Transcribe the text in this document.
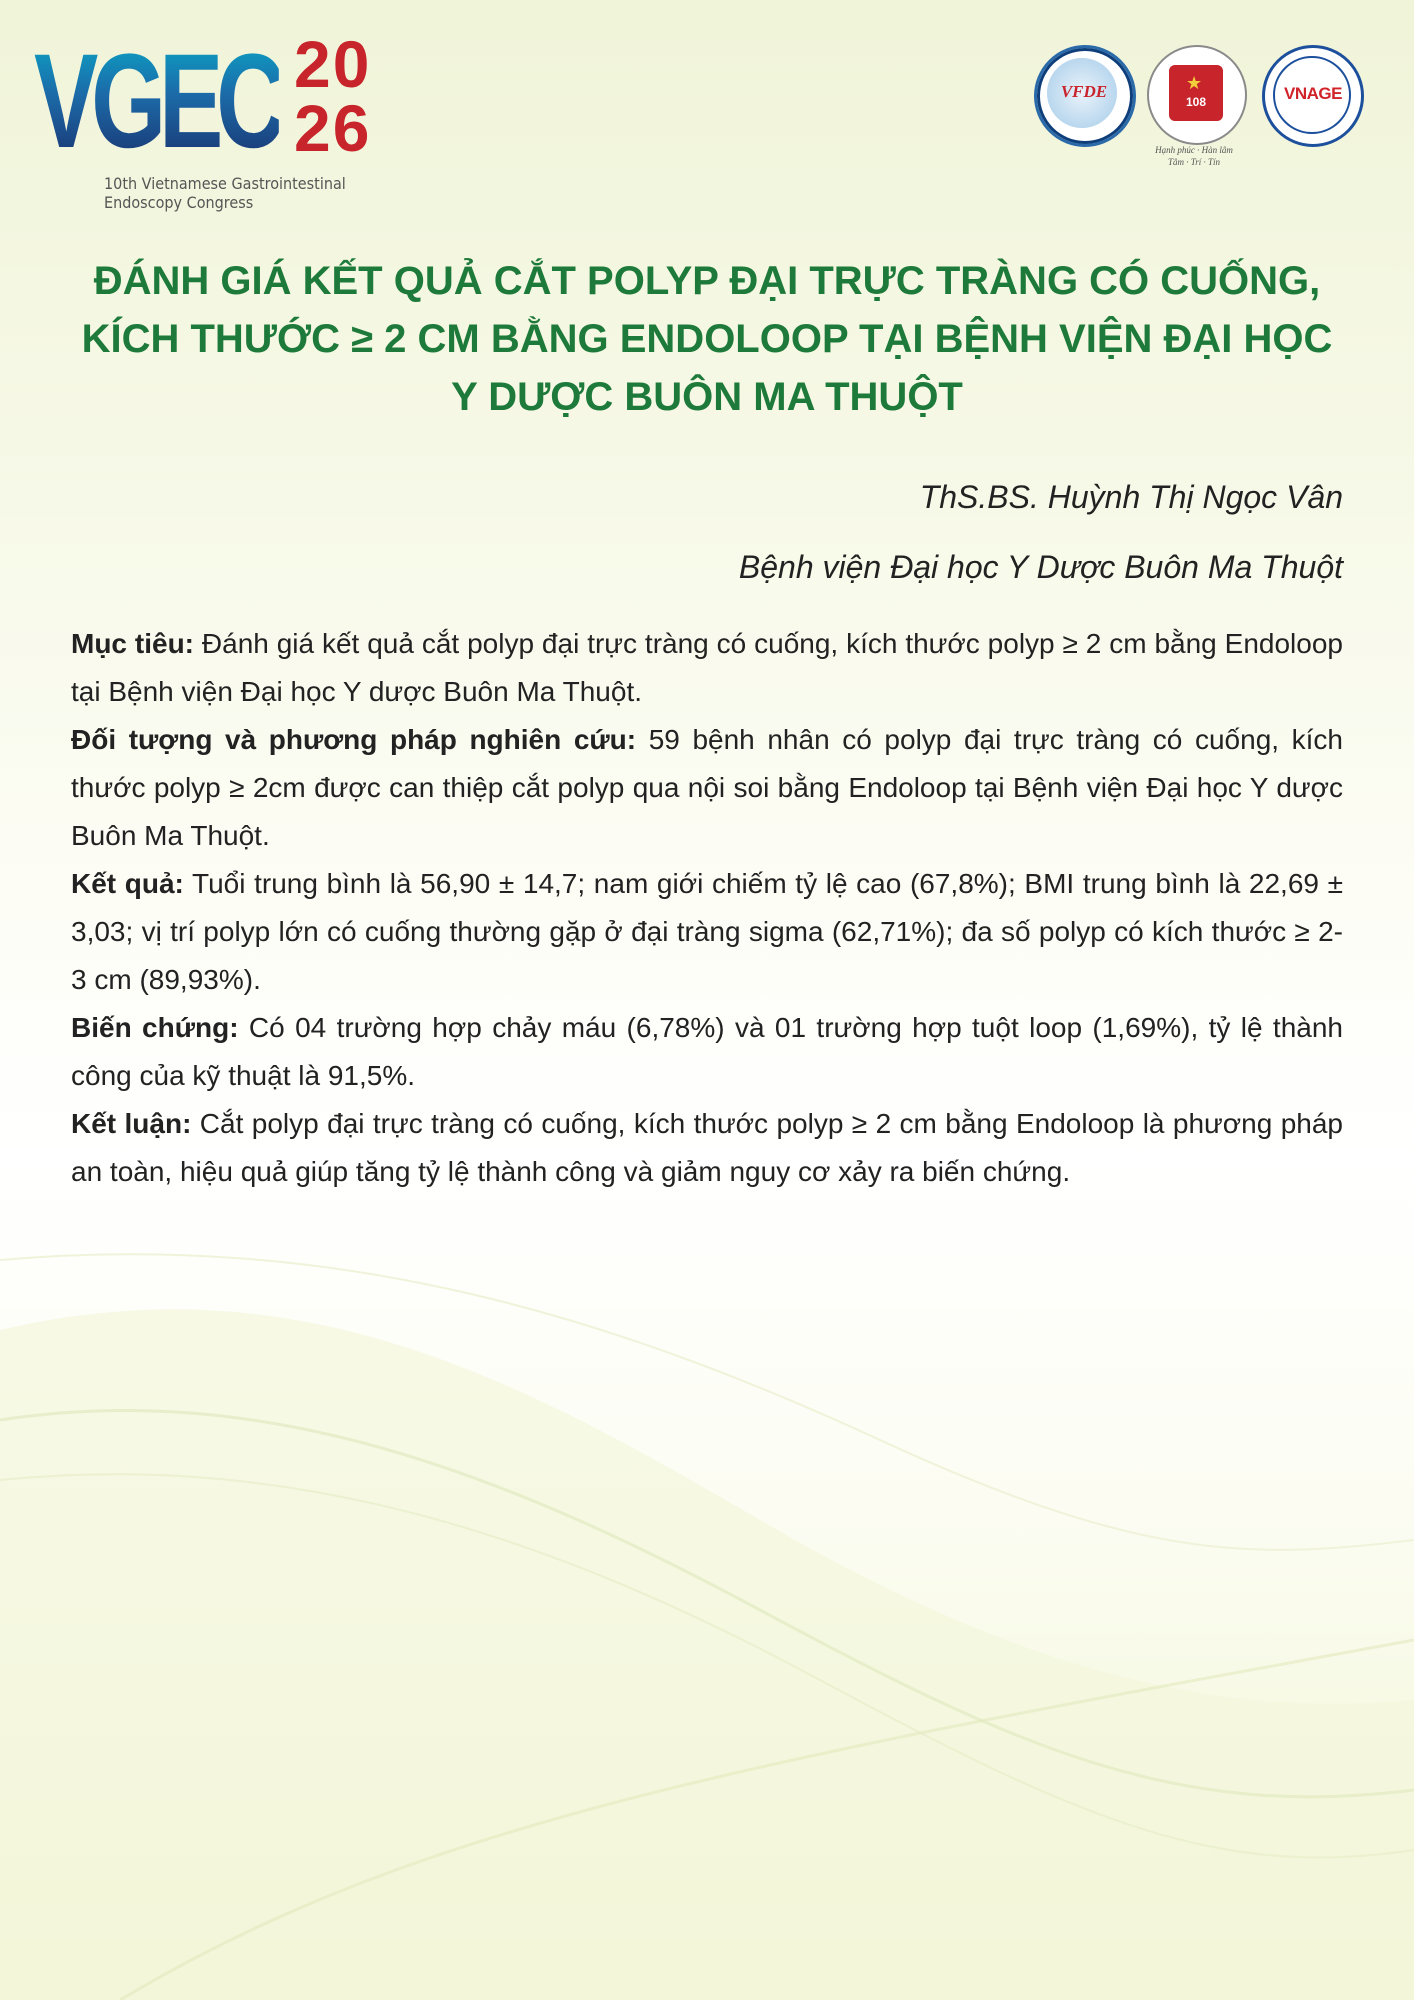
VGEC 20
26
10th Vietnamese Gastrointestinal
Endoscopy Congress
VFDE	★
108
Hạnh phúc · Hàn lâm
Tâm · Trí · Tín
VNAGE
ĐÁNH GIÁ KẾT QUẢ CẮT POLYP ĐẠI TRỰC TRÀNG CÓ CUỐNG,
KÍCH THƯỚC ≥ 2 CM BẰNG ENDOLOOP TẠI BỆNH VIỆN ĐẠI HỌC
Y DƯỢC BUÔN MA THUỘT
ThS.BS. Huỳnh Thị Ngọc Vân
Bệnh viện Đại học Y Dược Buôn Ma Thuột

Mục tiêu: Đánh giá kết quả cắt polyp đại trực tràng có cuống, kích thước polyp ≥ 2 cm bằng Endoloop tại Bệnh viện Đại học Y dược Buôn Ma Thuột.

Đối tượng và phương pháp nghiên cứu: 59 bệnh nhân có polyp đại trực tràng có cuống, kích thước polyp ≥ 2cm được can thiệp cắt polyp qua nội soi bằng Endoloop tại Bệnh viện Đại học Y dược Buôn Ma Thuột.

Kết quả: Tuổi trung bình là 56,90 ± 14,7; nam giới chiếm tỷ lệ cao (67,8%); BMI trung bình là 22,69 ± 3,03; vị trí polyp lớn có cuống thường gặp ở đại tràng sigma (62,71%); đa số polyp có kích thước ≥ 2-3 cm (89,93%).

Biến chứng: Có 04 trường hợp chảy máu (6,78%) và 01 trường hợp tuột loop (1,69%), tỷ lệ thành công của kỹ thuật là 91,5%.

Kết luận: Cắt polyp đại trực tràng có cuống, kích thước polyp ≥ 2 cm bằng Endoloop là phương pháp an toàn, hiệu quả giúp tăng tỷ lệ thành công và giảm nguy cơ xảy ra biến chứng.
